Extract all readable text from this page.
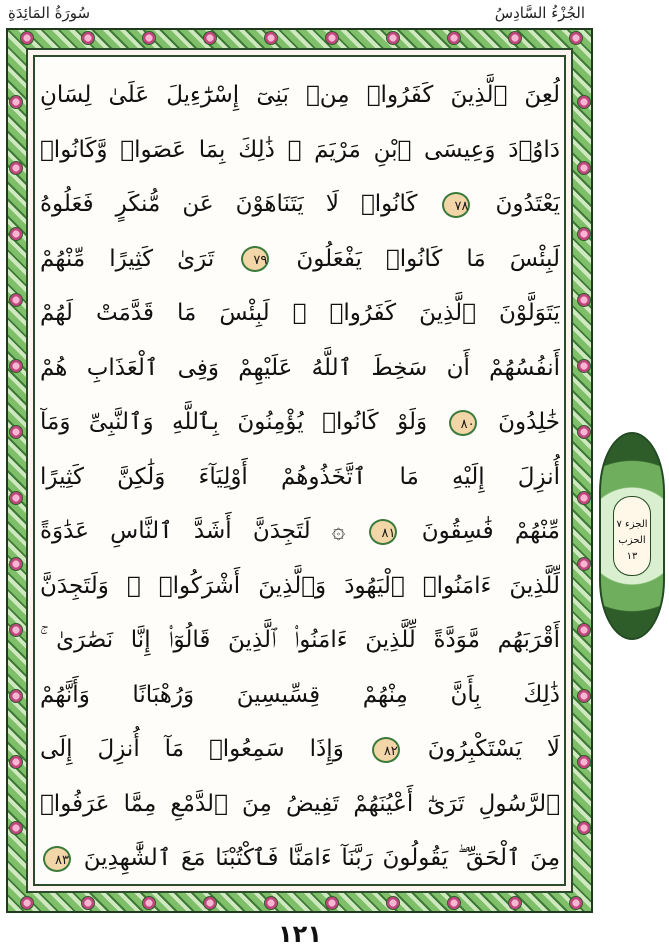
الجُزْءُ السَّادِسُ
سُورَةُ المَائِدَةِ
لُعِنَ ٱلَّذِينَ كَفَرُوا۟ مِنۢ بَنِىٓ إِسْرَٰٓءِيلَ عَلَىٰ لِسَانِ
دَاوُۥدَ وَعِيسَى ٱبْنِ مَرْيَمَ ۚ ذَٰلِكَ بِمَا عَصَوا۟ وَّكَانُوا۟
يَعْتَدُونَ ٧٨ كَانُوا۟ لَا يَتَنَاهَوْنَ عَن مُّنكَرٍ فَعَلُوهُ
لَبِئْسَ مَا كَانُوا۟ يَفْعَلُونَ ٧٩ تَرَىٰ كَثِيرًا مِّنْهُمْ
يَتَوَلَّوْنَ ٱلَّذِينَ كَفَرُوا۟ ۚ لَبِئْسَ مَا قَدَّمَتْ لَهُمْ
أَنفُسُهُمْ أَن سَخِطَ ٱللَّهُ عَلَيْهِمْ وَفِى ٱلْعَذَابِ هُمْ
خَٰلِدُونَ ٨٠ وَلَوْ كَانُوا۟ يُؤْمِنُونَ بِٱللَّهِ وَٱلنَّبِىِّ وَمَآ
أُنزِلَ إِلَيْهِ مَا ٱتَّخَذُوهُمْ أَوْلِيَآءَ وَلَٰكِنَّ كَثِيرًا
مِّنْهُمْ فَٰسِقُونَ ٨١ ۞ لَتَجِدَنَّ أَشَدَّ ٱلنَّاسِ عَدَٰوَةً
لِّلَّذِينَ ءَامَنُوا۟ ٱلْيَهُودَ وَٱلَّذِينَ أَشْرَكُوا۟ ۖ وَلَتَجِدَنَّ
أَقْرَبَهُم مَّوَدَّةً لِّلَّذِينَ ءَامَنُوا۟ ٱلَّذِينَ قَالُوٓا۟ إِنَّا نَصَٰرَىٰ ۚ
ذَٰلِكَ بِأَنَّ مِنْهُمْ قِسِّيسِينَ وَرُهْبَانًا وَأَنَّهُمْ
لَا يَسْتَكْبِرُونَ ٨٢ وَإِذَا سَمِعُوا۟ مَآ أُنزِلَ إِلَى
ٱلرَّسُولِ تَرَىٰٓ أَعْيُنَهُمْ تَفِيضُ مِنَ ٱلدَّمْعِ مِمَّا عَرَفُوا۟
مِنَ ٱلْحَقِّ ۖ يَقُولُونَ رَبَّنَآ ءَامَنَّا فَٱكْتُبْنَا مَعَ ٱلشَّٰهِدِينَ ٨٣
الجزء ٧
الحزب ١٣
١٢١
